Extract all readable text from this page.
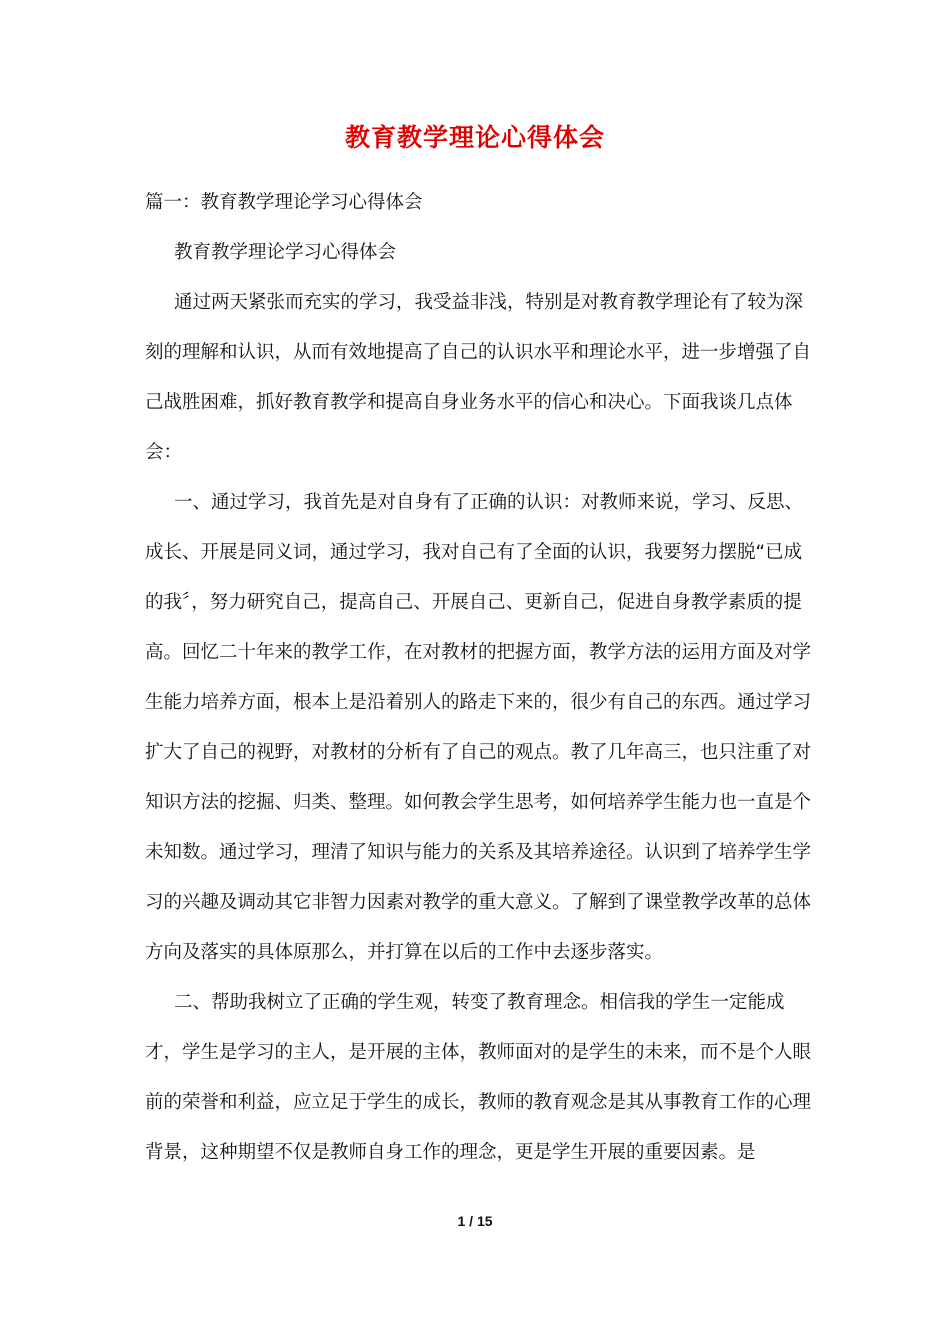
教育教学理论心得体会

篇一：教育教学理论学习心得体会

教育教学理论学习心得体会

通过两天紧张而充实的学习，我受益非浅，特别是对教育教学理论有了较为深刻的理解和认识，从而有效地提高了自己的认识水平和理论水平，进一步增强了自己战胜困难，抓好教育教学和提高自身业务水平的信心和决心。下面我谈几点体会：

一、通过学习，我首先是对自身有了正确的认识：对教师来说，学习、反思、成长、开展是同义词，通过学习，我对自己有了全面的认识，我要努力摆脱“已成的我〞，努力研究自己，提高自己、开展自己、更新自己，促进自身教学素质的提高。回忆二十年来的教学工作，在对教材的把握方面，教学方法的运用方面及对学生能力培养方面，根本上是沿着别人的路走下来的，很少有自己的东西。通过学习扩大了自己的视野，对教材的分析有了自己的观点。教了几年高三，也只注重了对知识方法的挖掘、归类、整理。如何教会学生思考，如何培养学生能力也一直是个未知数。通过学习，理清了知识与能力的关系及其培养途径。认识到了培养学生学习的兴趣及调动其它非智力因素对教学的重大意义。了解到了课堂教学改革的总体方向及落实的具体原那么，并打算在以后的工作中去逐步落实。

二、帮助我树立了正确的学生观，转变了教育理念。相信我的学生一定能成才，学生是学习的主人，是开展的主体，教师面对的是学生的未来，而不是个人眼前的荣誉和利益，应立足于学生的成长，教师的教育观念是其从事教育工作的心理背景，这种期望不仅是教师自身工作的理念，更是学生开展的重要因素。是

1 / 15
